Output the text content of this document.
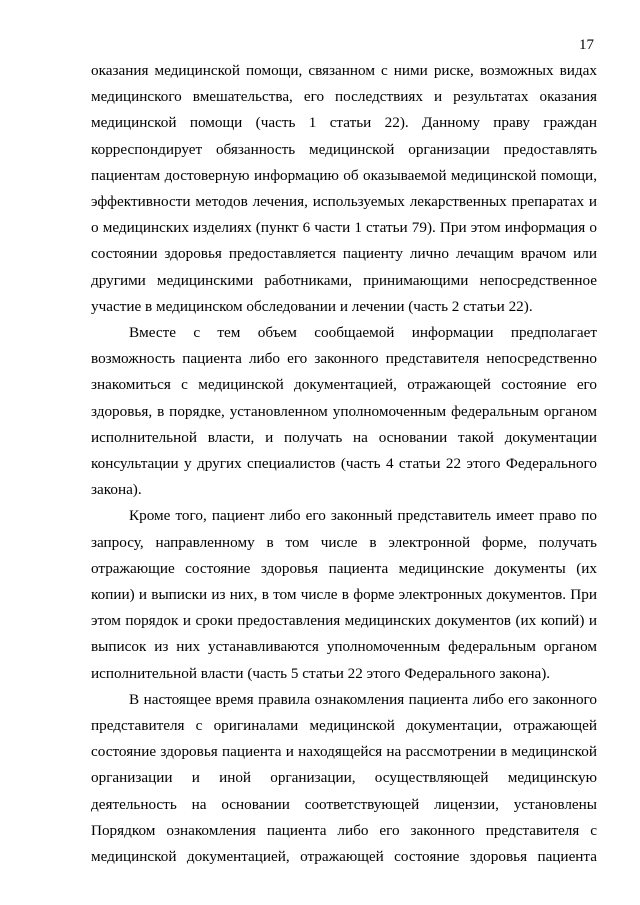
17

оказания медицинской помощи, связанном с ними риске, возможных видах

медицинского вмешательства, его последствиях и результатах оказания

медицинской помощи (часть 1 статьи 22). Данному праву граждан

корреспондирует обязанность медицинской организации предоставлять

пациентам достоверную информацию об оказываемой медицинской помощи,

эффективности методов лечения, используемых лекарственных препаратах и

о медицинских изделиях (пункт 6 части 1 статьи 79). При этом информация о

состоянии здоровья предоставляется пациенту лично лечащим врачом или

другими медицинскими работниками, принимающими непосредственное

участие в медицинском обследовании и лечении (часть 2 статьи 22).

Вместе с тем объем сообщаемой информации предполагает

возможность пациента либо его законного представителя непосредственно

знакомиться с медицинской документацией, отражающей состояние его

здоровья, в порядке, установленном уполномоченным федеральным органом

исполнительной власти, и получать на основании такой документации

консультации у других специалистов (часть 4 статьи 22 этого Федерального

закона).

Кроме того, пациент либо его законный представитель имеет право по

запросу, направленному в том числе в электронной форме, получать

отражающие состояние здоровья пациента медицинские документы (их

копии) и выписки из них, в том числе в форме электронных документов. При

этом порядок и сроки предоставления медицинских документов (их копий) и

выписок из них устанавливаются уполномоченным федеральным органом

исполнительной власти (часть 5 статьи 22 этого Федерального закона).

В настоящее время правила ознакомления пациента либо его законного

представителя с оригиналами медицинской документации, отражающей

состояние здоровья пациента и находящейся на рассмотрении в медицинской

организации и иной организации, осуществляющей медицинскую

деятельность на основании соответствующей лицензии, установлены

Порядком ознакомления пациента либо его законного представителя с

медицинской документацией, отражающей состояние здоровья пациента
